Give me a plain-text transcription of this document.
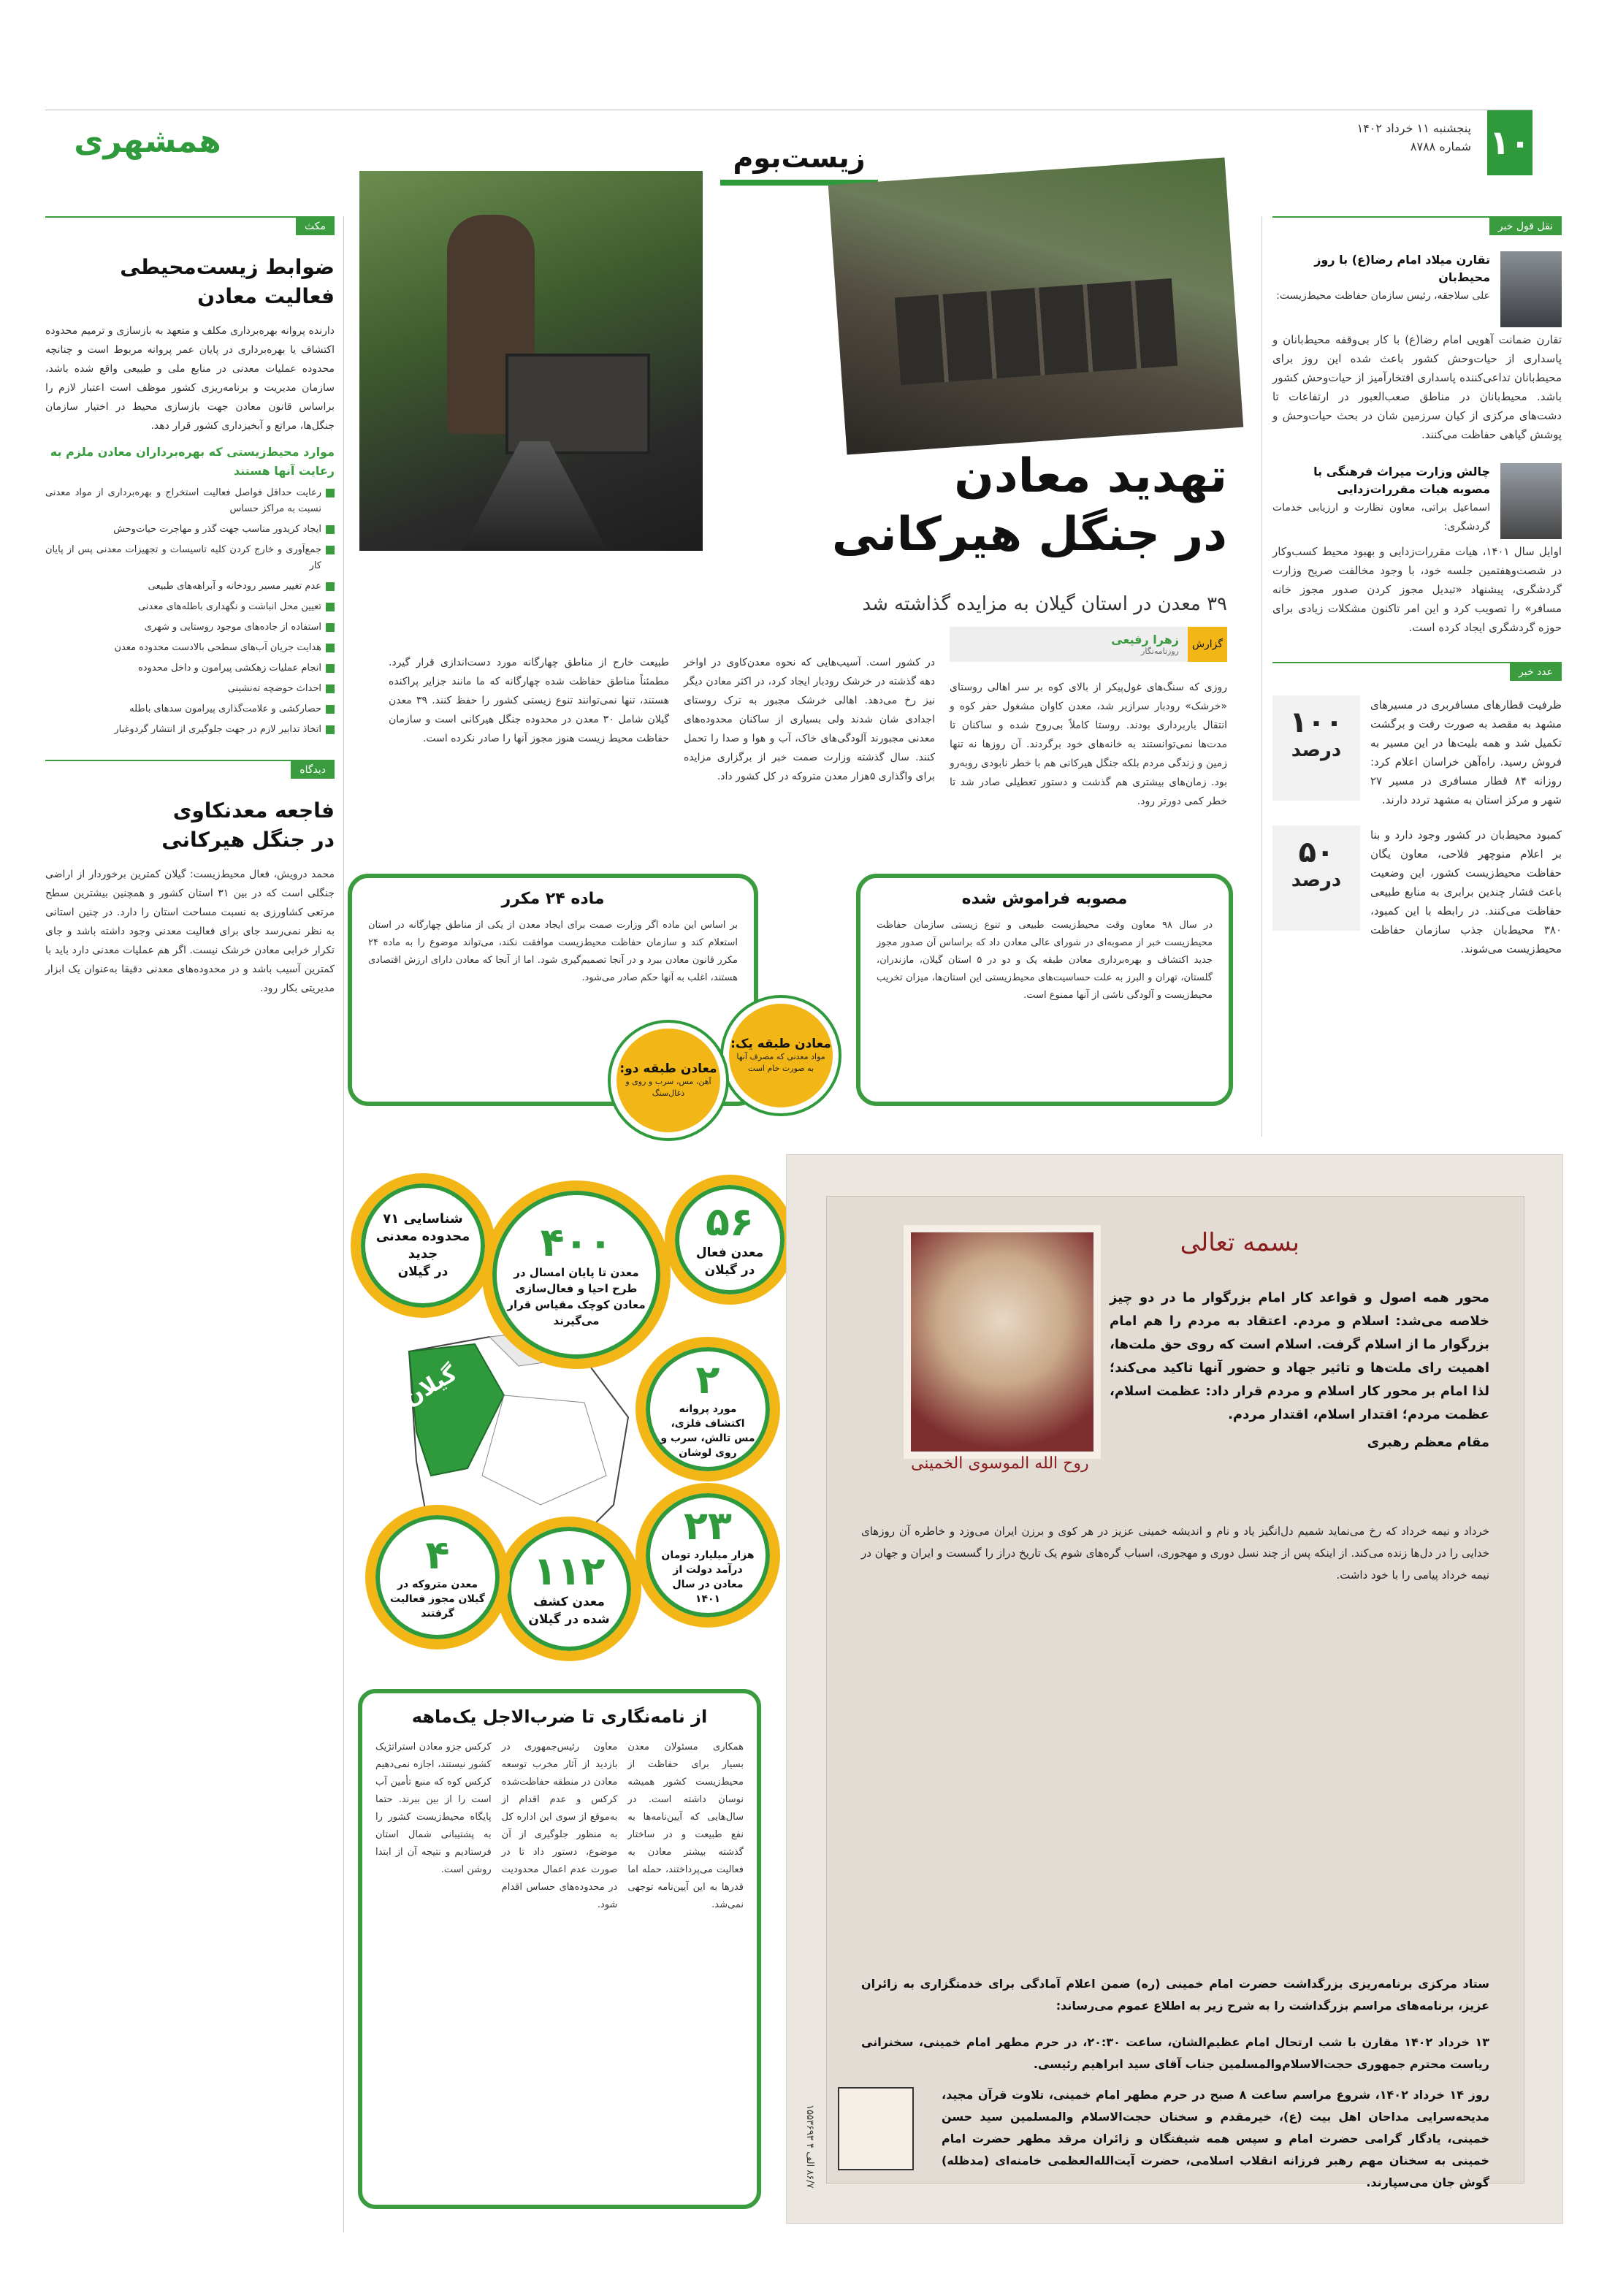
۱۰
پنجشنبه ۱۱ خرداد ۱۴۰۲
شماره ۸۷۸۸
زیست‌بوم
همشهری
نقل قول خبر
تقارن میلاد امام رضا(ع) با روز محیط‌بان
علی سلاجقه، رئیس سازمان حفاظت محیط‌زیست:
تقارن ضمانت آهویی امام رضا(ع) با کار بی‌وقفه محیط‌بانان و پاسداری از حیات‌وحش کشور باعث شده این روز برای محیط‌بانان تداعی‌کننده پاسداری افتخارآمیز از حیات‌وحش کشور باشد. محیط‌بانان در مناطق صعب‌العبور در ارتفاعات تا دشت‌های مرکزی از کیان سرزمین شان در بحث حیات‌وحش و پوشش گیاهی حفاظت می‌کنند.
چالش وزارت میراث فرهنگی با مصوبه هیات مقررات‌زدایی
اسماعیل براتی، معاون نظارت و ارزیابی خدمات گردشگری:
اوایل سال ۱۴۰۱، هیات مقررات‌زدایی و بهبود محیط کسب‌وکار در شصت‌وهفتمین جلسه خود، با وجود مخالفت صریح وزارت گردشگری، پیشنهاد «تبدیل مجوز کردن صدور مجوز خانه مسافر» را تصویب کرد و این امر تاکنون مشکلات زیادی برای حوزه گردشگری ایجاد کرده است.
عدد خبر
ظرفیت قطارهای مسافربری در مسیرهای مشهد به مقصد به صورت رفت و برگشت تکمیل شد و همه بلیت‌ها در این مسیر به فروش رسید. راه‌آهن خراسان اعلام کرد: روزانه ۸۴ قطار مسافری در مسیر ۲۷ شهر و مرکز استان به مشهد تردد دارند.
۱۰۰
درصد
کمبود محیط‌بان در کشور وجود دارد و بنا بر اعلام منوچهر فلاحی، معاون یگان حفاظت محیط‌زیست کشور، این وضعیت باعث فشار چندین برابری به منابع طبیعی حفاظت می‌کنند. در رابطه با این کمبود، ۳۸۰ محیط‌بان جذب سازمان حفاظت محیط‌زیست می‌شوند.
۵۰
درصد
مکث
ضوابط زیست‌محیطی
فعالیت معادن
دارنده پروانه بهره‌برداری مکلف و متعهد به بازسازی و ترمیم محدوده اکتشاف یا بهره‌برداری در پایان عمر پروانه مربوط است و چنانچه محدوده عملیات معدنی در منابع ملی و طبیعی واقع شده باشد، سازمان مدیریت و برنامه‌ریزی کشور موظف است اعتبار لازم را براساس قانون معادن جهت بازسازی محیط در اختیار سازمان جنگل‌ها، مراتع و آبخیزداری کشور قرار دهد.
موارد محیط‌زیستی که بهره‌برداران معادن ملزم به رعایت آنها هستند
رعایت حداقل فواصل فعالیت استخراج و بهره‌برداری از مواد معدنی نسبت به مراکز حساس
ایجاد کریدور مناسب جهت گذر و مهاجرت حیات‌وحش
جمع‌آوری و خارج کردن کلیه تاسیسات و تجهیزات معدنی پس از پایان کار
عدم تغییر مسیر رودخانه و آبراهه‌های طبیعی
تعیین محل انباشت و نگهداری باطله‌های معدنی
استفاده از جاده‌های موجود روستایی و شهری
هدایت جریان آب‌های سطحی بالادست محدوده معدن
انجام عملیات زهکشی پیرامون و داخل محدوده
احداث حوضچه ته‌نشینی
حصارکشی و علامت‌گذاری پیرامون سدهای باطله
اتخاذ تدابیر لازم در جهت جلوگیری از انتشار گردوغبار
دیدگاه
فاجعه معدنکاوی
در جنگل هیرکانی
محمد درویش، فعال محیط‌زیست: گیلان کمترین برخوردار از اراضی جنگلی است که در بین ۳۱ استان کشور و همچنین بیشترین سطح مرتعی کشاورزی به نسبت مساحت استان را دارد. در چنین استانی به نظر نمی‌رسد جای برای فعالیت معدنی وجود داشته باشد و جای تکرار خرابی معادن خرشک نیست. اگر هم عملیات معدنی دارد باید با کمترین آسیب باشد و در محدوده‌های معدنی دقیقا به‌عنوان یک ابزار مدیریتی بکار رود.
تهدید معادن
در جنگل هیرکانی
۳۹ معدن در استان گیلان به مزایده گذاشته شد
گزارش
زهرا رفیعی
روزنامه‌نگار
روزی که سنگ‌های غول‌پیکر از بالای کوه بر سر اهالی روستای «خرشک» رودبار سرازیر شد، معدن کاوان مشغول حفر کوه و انتقال باربرداری بودند. روستا کاملاً بی‌روح شده و ساکنان تا مدت‌ها نمی‌توانستند به خانه‌های خود برگردند. آن روزها نه تنها زمین و زندگی مردم بلکه جنگل هیرکانی هم با خطر نابودی روبه‌رو بود. زمان‌های بیشتری هم گذشت و دستور تعطیلی صادر شد تا خطر کمی دورتر رود.
در کشور است. آسیب‌هایی که نحوه معدن‌کاوی در اواخر دهه گذشته در خرشک رودبار ایجاد کرد، در اکثر معادن دیگر نیز رخ می‌دهد. اهالی خرشک مجبور به ترک روستای اجدادی شان شدند ولی بسیاری از ساکنان محدوده‌های معدنی مجبورند آلودگی‌های خاک، آب و هوا و صدا را تحمل کنند. سال گذشته وزارت صمت خبر از برگزاری مزایده برای واگذاری ۵هزار معدن متروکه در کل کشور داد.
طبیعت خارج از مناطق چهارگانه مورد دست‌اندازی قرار گیرد. مطمئناً مناطق حفاظت شده چهارگانه که ما مانند جزایر پراکنده هستند، تنها نمی‌توانند تنوع زیستی کشور را حفظ کنند. ۳۹ معدن گیلان شامل ۳۰ معدن در محدوده جنگل هیرکانی است و سازمان حفاظت محیط زیست هنوز مجوز آنها را صادر نکرده است.
مصوبه فراموش شده
در سال ۹۸ معاون وقت محیط‌زیست طبیعی و تنوع زیستی سازمان حفاظت محیط‌زیست خبر از مصوبه‌ای در شورای عالی معادن داد که براساس آن صدور مجوز جدید اکتشاف و بهره‌برداری معادن طبقه یک و دو در ۵ استان گیلان، مازندران، گلستان، تهران و البرز به علت حساسیت‌های محیط‌زیستی این استان‌ها، میزان تخریب محیط‌زیست و آلودگی ناشی از آنها ممنوع است.
ماده ۲۴ مکرر
بر اساس این ماده اگر وزارت صمت برای ایجاد معدن از یکی از مناطق چهارگانه در استان استعلام کند و سازمان حفاظت محیط‌زیست موافقت نکند، می‌تواند موضوع را به ماده ۲۴ مکرر قانون معادن ببرد و در آنجا تصمیم‌گیری شود. اما از آنجا که معادن دارای ارزش اقتصادی هستند، اغلب به آنها حکم صادر می‌شود.
معادن طبقه یک:
مواد معدنی که مصرف آنها به صورت خام است
معادن طبقه دو:
آهن، مس، سرب و روی و ذغال‌سنگ
گیلان
۵۶
معدن فعال در گیلان
۴۰۰
معدن تا پایان امسال در طرح احیا و فعال‌سازی معادن کوچک مقیاس قرار می‌گیرند
شناسایی ۷۱ محدوده معدنی جدید
در گیلان
۲
مورد پروانه اکتشاف فلزی، مس تالش، سرب و روی لوشان
۲۳
هزار میلیارد تومان درآمد دولت از معادن در سال ۱۴۰۱
۱۱۲
معدن کشف شده در گیلان
۴
معدن متروکه در گیلان مجوز فعالیت گرفتند
از نامه‌نگاری تا ضرب‌الاجل یک‌ماهه
همکاری مسئولان معدن بسیار برای حفاظت از محیط‌زیست کشور همیشه نوسان داشته است. در سال‌هایی که آیین‌نامه‌ها به نفع طبیعت و در ساختار گذشته بیشتر معادن به فعالیت می‌پرداختند، حمله اما قدرها به این آیین‌نامه توجهی نمی‌شد.
معاون رئیس‌جمهوری در بازدید از آثار مخرب توسعه معادن در منطقه حفاظت‌شده کرکس و عدم اقدام از به‌موقع از سوی این اداره کل به منظور جلوگیری از آن موضوع، دستور داد تا در صورت عدم اعمال محدودیت در محدوده‌های حساس اقدام شود.
کرکس جزو معادن استراتژیک کشور نیستند، اجازه نمی‌دهیم کرکس کوه که منبع تأمین آب است را از بین ببرند. حتما پایگاه محیط‌زیست کشور را به پشتیبانی شمال استان فرستادیم و نتیجه آن از ابتدا روشن است.
بسمه تعالی
روح الله الموسوی الخمینی
محور همه اصول و قواعد کار امام بزرگوار ما در دو چیز خلاصه می‌شد: اسلام و مردم. اعتقاد به مردم را هم امام بزرگوار ما از اسلام گرفت. اسلام است که روی حق ملت‌ها، اهمیت رای ملت‌ها و تاثیر جهاد و حضور آنها تاکید می‌کند؛ لذا امام بر محور کار اسلام و مردم قرار داد: عظمت اسلام، عظمت مردم؛ اقتدار اسلام، اقتدار مردم.
مقام معظم رهبری
خرداد و نیمه خرداد که رخ می‌نماید شمیم دل‌انگیز یاد و نام و اندیشه خمینی عزیز در هر کوی و برزن ایران می‌وزد و خاطره آن روزهای خدایی را در دل‌ها زنده می‌کند. از اینکه پس از چند نسل دوری و مهجوری، اسباب گره‌های شوم یک تاریخ دراز را گسست و ایران و جهان در نیمه خرداد پیامی را با خود داشت.
ستاد مرکزی برنامه‌ریزی بزرگداشت حضرت امام خمینی (ره) ضمن اعلام آمادگی برای خدمتگزاری به زائران عزیز، برنامه‌های مراسم بزرگداشت را به شرح زیر به اطلاع عموم می‌رساند:
۱۳ خرداد ۱۴۰۲ مقارن با شب ارتحال امام عظیم‌الشان، ساعت ۲۰:۳۰، در حرم مطهر امام خمینی، سخنرانی ریاست محترم جمهوری حجت‌الاسلام‌والمسلمین جناب آقای سید ابراهیم رئیسی.
روز ۱۴ خرداد ۱۴۰۲، شروع مراسم ساعت ۸ صبح در حرم مطهر امام خمینی، تلاوت قرآن مجید، مدیحه‌سرایی مداحان اهل بیت (ع)، خیرمقدم و سخنان حجت‌الاسلام والمسلمین سید حسن خمینی، یادگار گرامی حضرت امام و سپس همه شیفتگان و زائران مرقد مطهر حضرت امام خمینی به سخنان مهم رهبر فرزانه انقلاب اسلامی، حضرت آیت‌الله‌العظمی خامنه‌ای (مدظله) گوش جان می‌سپارند.
۸۶/۷ الف ۴ ۱۵۵۳۶۹۳
